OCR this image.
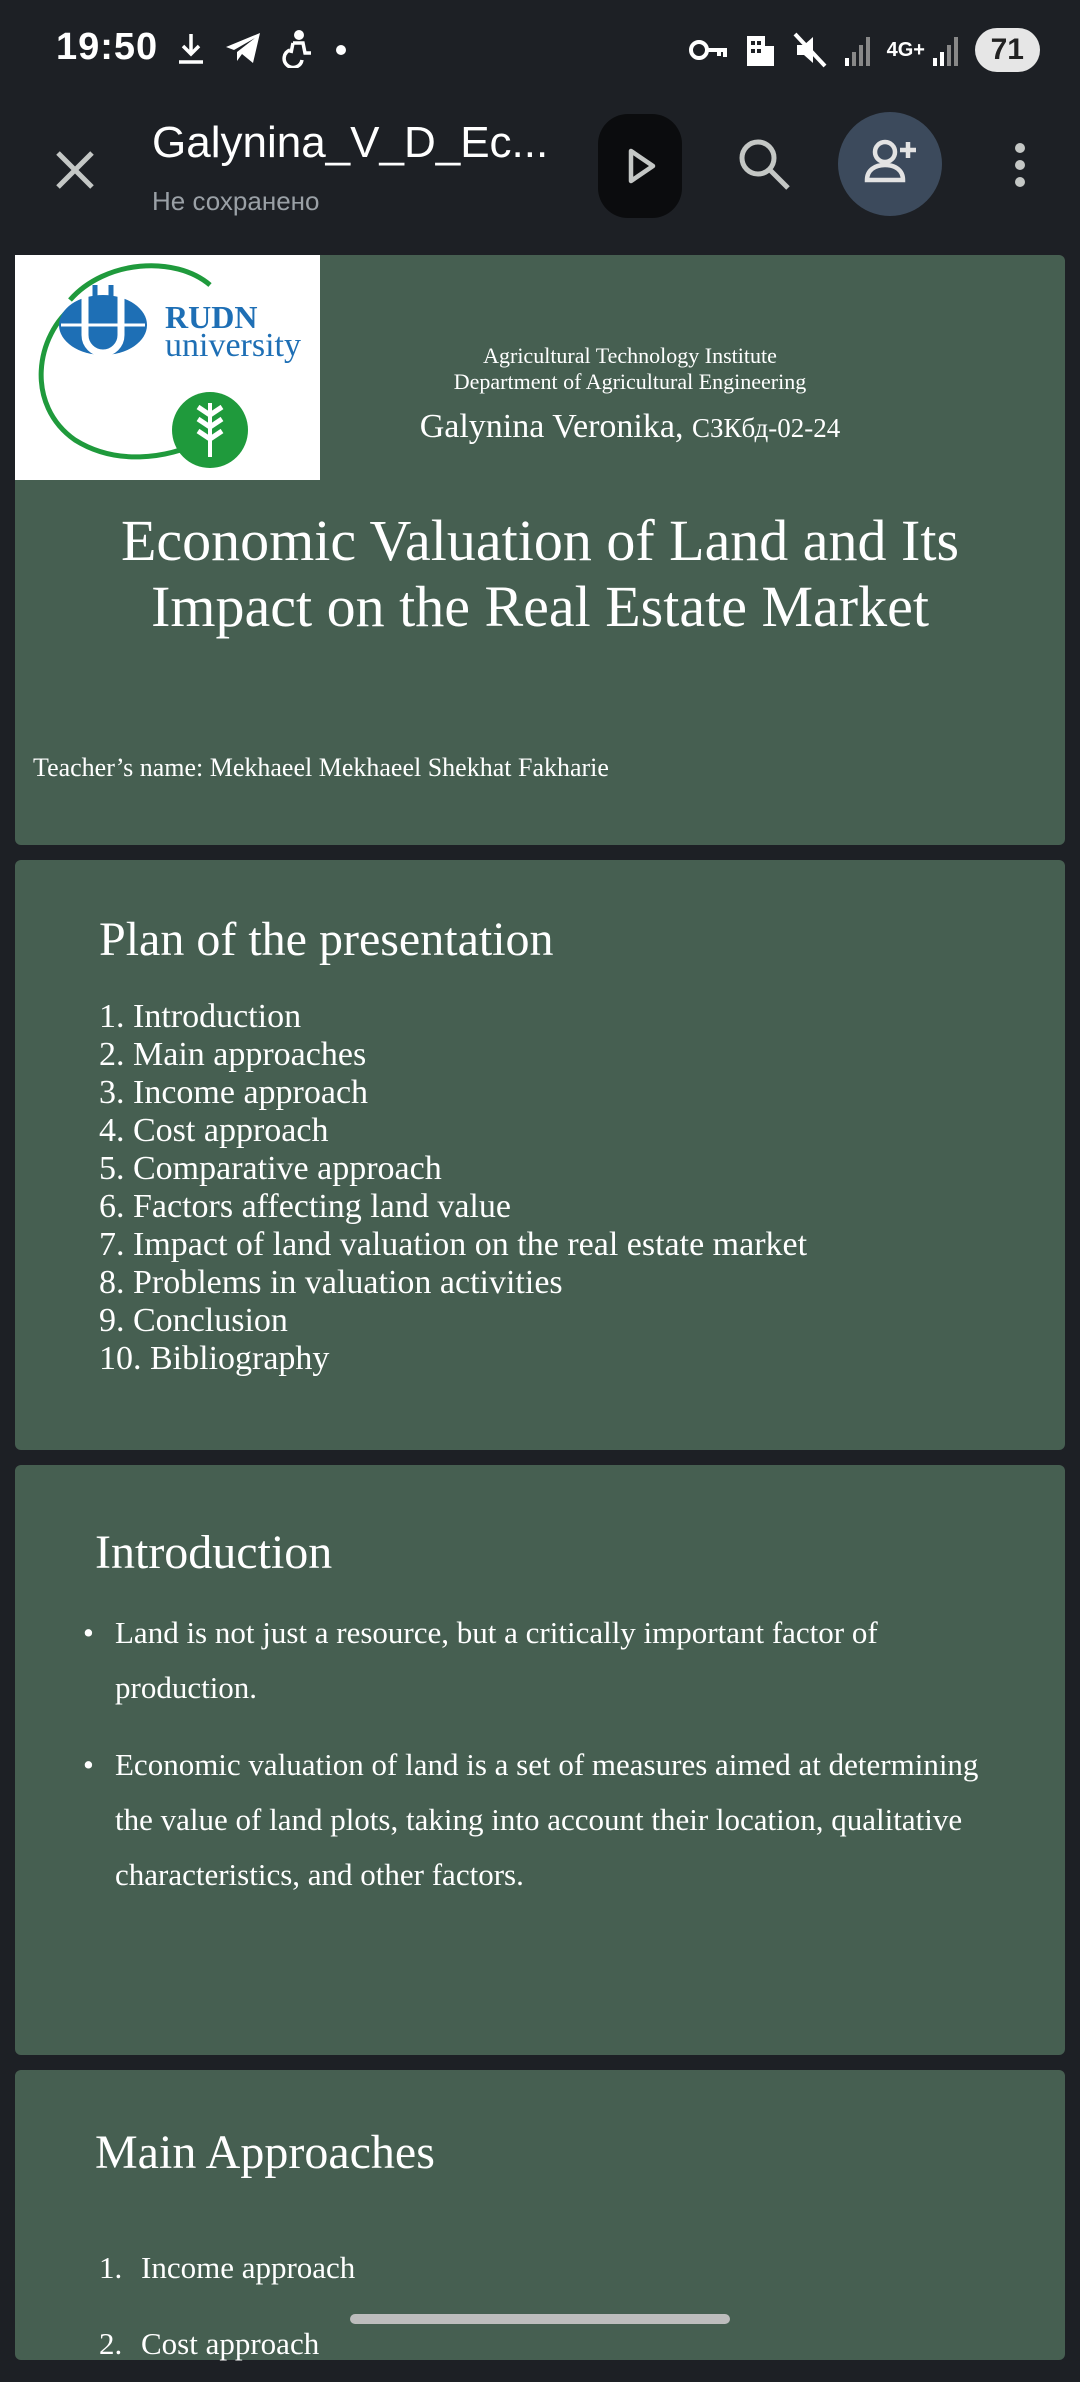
19:50	4G+	71
Galynina_V_D_Ec...
Не сохранено
RUDN
university	Agricultural Technology Institute
Department of Agricultural Engineering
Galynina Veronika, СЗКбд-02-24
Economic Valuation of Land and Its
Impact on the Real Estate Market
Teacher’s name: Mekhaeel Mekhaeel Shekhat Fakharie
Plan of the presentation
1. Introduction
2. Main approaches
3. Income approach
4. Cost approach
5. Comparative approach
6. Factors affecting land value
7. Impact of land valuation on the real estate market
8. Problems in valuation activities
9. Conclusion
10. Bibliography
Introduction
• Land is not just a resource, but a critically important factor of production.
• Economic valuation of land is a set of measures aimed at determining the value of land plots, taking into account their location, qualitative characteristics, and other factors.
Main Approaches
1. Income approach
2. Cost approach
